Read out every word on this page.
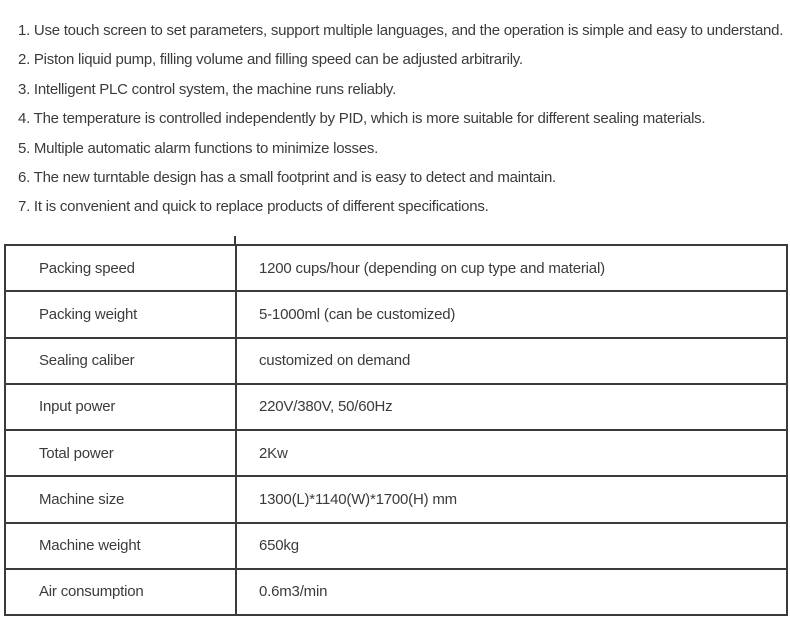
1. Use touch screen to set parameters, support multiple languages, and the operation is simple and easy to understand.
2. Piston liquid pump, filling volume and filling speed can be adjusted arbitrarily.
3. Intelligent PLC control system, the machine runs reliably.
4. The temperature is controlled independently by PID, which is more suitable for different sealing materials.
5. Multiple automatic alarm functions to minimize losses.
6. The new turntable design has a small footprint and is easy to detect and maintain.
7. It is convenient and quick to replace products of different specifications.
Packing speed	1200 cups/hour (depending on cup type and material)
Packing weight	5-1000ml (can be customized)
Sealing caliber	customized on demand
Input power	220V/380V, 50/60Hz
Total power	2Kw
Machine size	1300(L)*1140(W)*1700(H) mm
Machine weight	650kg
Air consumption	0.6m3/min
